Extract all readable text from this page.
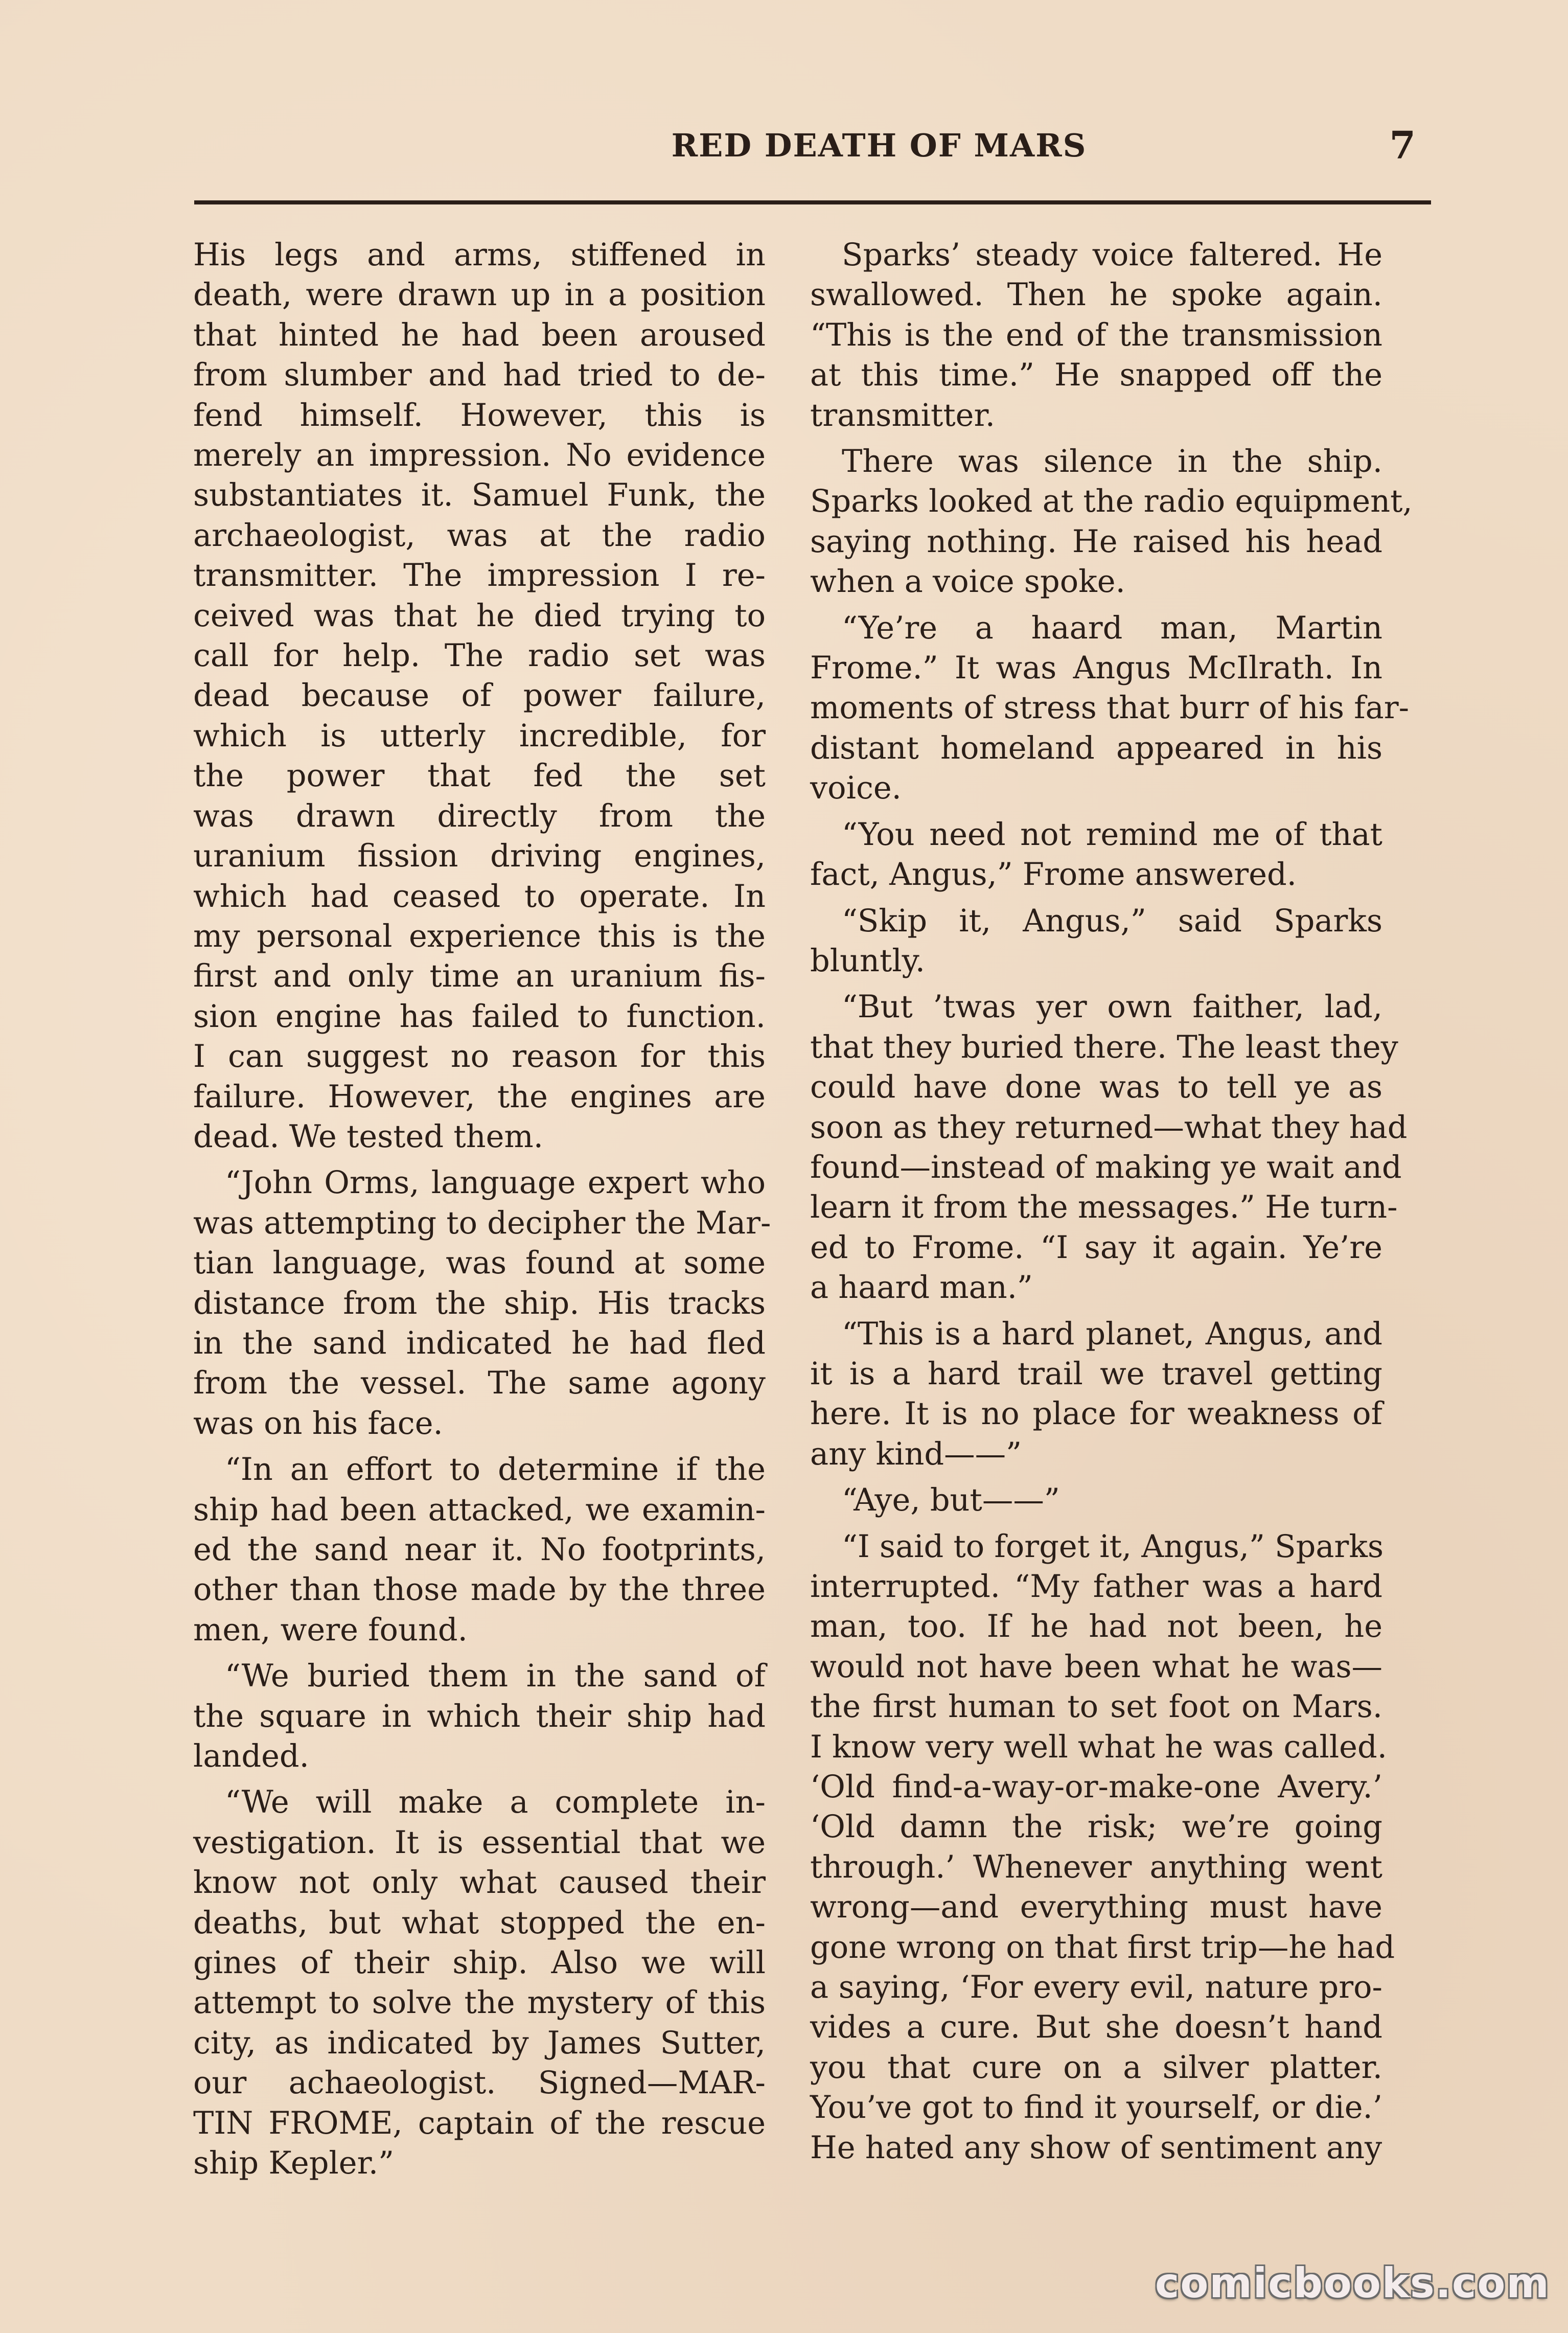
RED DEATH OF MARS	7

His legs and arms, stiffened in
death, were drawn up in a position
that hinted he had been aroused
from slumber and had tried to de-
fend himself. However, this is
merely an impression. No evidence
substantiates it. Samuel Funk, the
archaeologist, was at the radio
transmitter. The impression I re-
ceived was that he died trying to
call for help. The radio set was
dead because of power failure,
which is utterly incredible, for
the power that fed the set
was drawn directly from the
uranium fission driving engines,
which had ceased to operate. In
my personal experience this is the
first and only time an uranium fis-
sion engine has failed to function.
I can suggest no reason for this
failure. However, the engines are
dead. We tested them.

“John Orms, language expert who
was attempting to decipher the Mar-
tian language, was found at some
distance from the ship. His tracks
in the sand indicated he had fled
from the vessel. The same agony
was on his face.

“In an effort to determine if the
ship had been attacked, we examin-
ed the sand near it. No footprints,
other than those made by the three
men, were found.

“We buried them in the sand of
the square in which their ship had
landed.

“We will make a complete in-
vestigation. It is essential that we
know not only what caused their
deaths, but what stopped the en-
gines of their ship. Also we will
attempt to solve the mystery of this
city, as indicated by James Sutter,
our achaeologist. Signed—MAR-
TIN FROME, captain of the rescue
ship Kepler.”

Sparks’ steady voice faltered. He
swallowed. Then he spoke again.
“This is the end of the transmission
at this time.” He snapped off the
transmitter.

There was silence in the ship.
Sparks looked at the radio equipment,
saying nothing. He raised his head
when a voice spoke.

“Ye’re a haard man, Martin
Frome.” It was Angus McIlrath. In
moments of stress that burr of his far-
distant homeland appeared in his
voice.

“You need not remind me of that
fact, Angus,” Frome answered.

“Skip it, Angus,” said Sparks
bluntly.

“But ’twas yer own faither, lad,
that they buried there. The least they
could have done was to tell ye as
soon as they returned—what they had
found—instead of making ye wait and
learn it from the messages.” He turn-
ed to Frome. “I say it again. Ye’re
a haard man.”

“This is a hard planet, Angus, and
it is a hard trail we travel getting
here. It is no place for weakness of
any kind——”

“Aye, but——”

“I said to forget it, Angus,” Sparks
interrupted. “My father was a hard
man, too. If he had not been, he
would not have been what he was—
the first human to set foot on Mars.
I know very well what he was called.
‘Old find-a-way-or-make-one Avery.’
‘Old damn the risk; we’re going
through.’ Whenever anything went
wrong—and everything must have
gone wrong on that first trip—he had
a saying, ‘For every evil, nature pro-
vides a cure. But she doesn’t hand
you that cure on a silver platter.
You’ve got to find it yourself, or die.’
He hated any show of sentiment any

comicbooks.com
